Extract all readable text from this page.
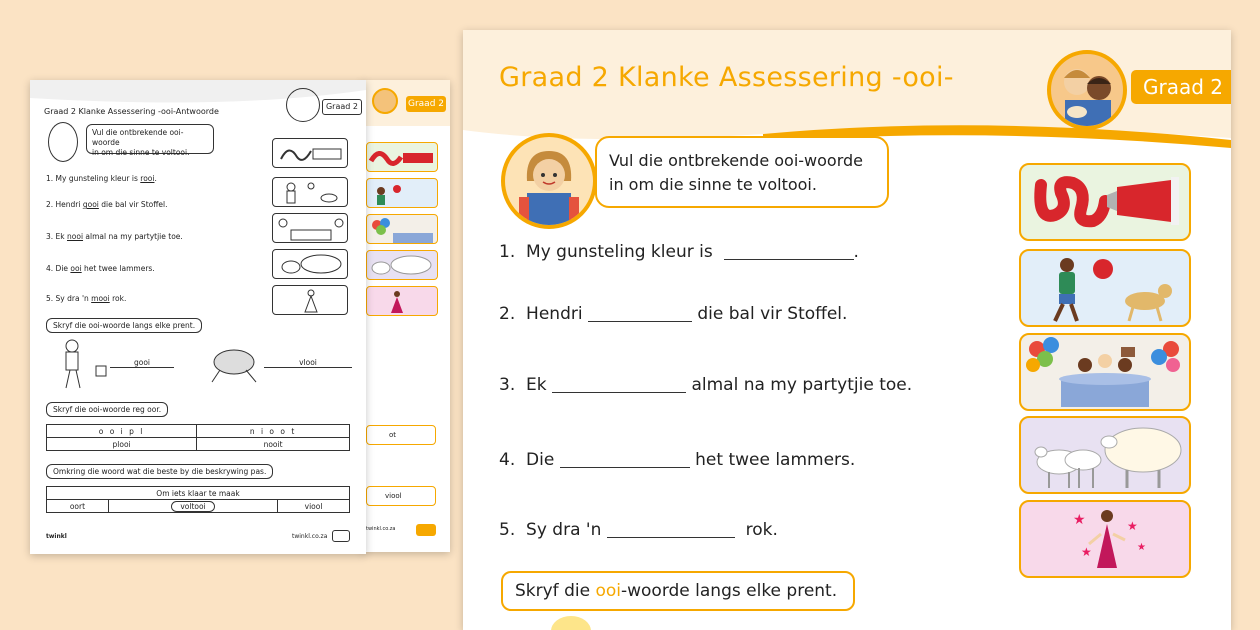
Graad 2
ot
viool
twinkl.co.za
Graad 2 Klanke Assessering -ooi-Antwoorde
Graad 2
Vul die ontbrekende ooi-woorde
in om die sinne te voltooi.
1. My gunsteling kleur is rooi.
2. Hendri gooi die bal vir Stoffel.
3. Ek nooi almal na my partytjie toe.
4. Die ooi het twee lammers.
5. Sy dra 'n mooi rok.
Skryf die ooi-woorde langs elke prent.
gooi	vlooi
Skryf die ooi-woorde reg oor.
o o i p l	n i o o t
plooi	nooit
Omkring die woord wat die beste by die beskrywing pas.
Om iets klaar te maak
oort	voltooi	viool
twinkl	twinkl.co.za
Graad 2 Klanke Assessering -ooi-	Graad 2
Vul die ontbrekende ooi-woorde
in om die sinne te voltooi.
1. My gunsteling kleur is	.
2. Hendri	die bal vir Stoffel.
3. Ek	almal na my partytjie toe.
4. Die	het twee lammers.
5. Sy dra 'n	rok.	★	★
★	★
Skryf die ooi-woorde langs elke prent.
